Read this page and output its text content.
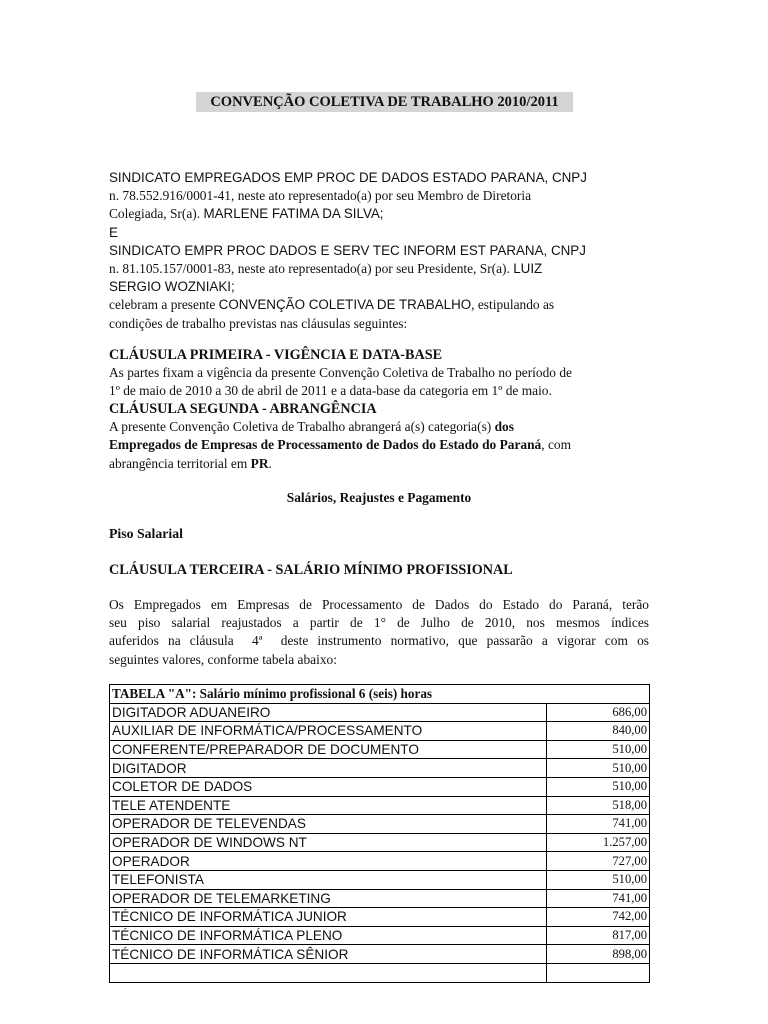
CONVENÇÃO COLETIVA DE TRABALHO 2010/2011
SINDICATO EMPREGADOS EMP PROC DE DADOS ESTADO PARANA, CNPJ
n. 78.552.916/0001-41, neste ato representado(a) por seu Membro de Diretoria
Colegiada, Sr(a). MARLENE FATIMA DA SILVA;
E
SINDICATO EMPR PROC DADOS E SERV TEC INFORM EST PARANA, CNPJ
n. 81.105.157/0001-83, neste ato representado(a) por seu Presidente, Sr(a). LUIZ
SERGIO WOZNIAKI;
celebram a presente CONVENÇÃO COLETIVA DE TRABALHO, estipulando as
condições de trabalho previstas nas cláusulas seguintes:
CLÁUSULA PRIMEIRA - VIGÊNCIA E DATA-BASE
As partes fixam a vigência da presente Convenção Coletiva de Trabalho no período de
1º de maio de 2010 a 30 de abril de 2011 e a data-base da categoria em 1º de maio.
CLÁUSULA SEGUNDA - ABRANGÊNCIA
A presente Convenção Coletiva de Trabalho abrangerá a(s) categoria(s) dos
Empregados de Empresas de Processamento de Dados do Estado do Paraná, com
abrangência territorial em PR.
Salários, Reajustes e Pagamento
Piso Salarial
CLÁUSULA TERCEIRA - SALÁRIO MÍNIMO PROFISSIONAL
Os Empregados em Empresas de Processamento de Dados do Estado do Paraná, terão
seu piso salarial reajustados a partir de 1° de Julho de 2010, nos mesmos índices
auferidos na cláusula  4ª  deste instrumento normativo, que passarão a vigorar com os
seguintes valores, conforme tabela abaixo:
TABELA "A": Salário mínimo profissional 6 (seis) horas	
DIGITADOR ADUANEIRO	686,00
AUXILIAR DE INFORMÁTICA/PROCESSAMENTO	840,00
CONFERENTE/PREPARADOR DE DOCUMENTO	510,00
DIGITADOR	510,00
COLETOR DE DADOS	510,00
TELE ATENDENTE	518,00
OPERADOR DE TELEVENDAS	741,00
OPERADOR DE WINDOWS NT	1.257,00
OPERADOR	727,00
TELEFONISTA	510,00
OPERADOR DE TELEMARKETING	741,00
TÉCNICO DE INFORMÁTICA JUNIOR	742,00
TÉCNICO DE INFORMÁTICA PLENO	817,00
TÉCNICO DE INFORMÁTICA SÊNIOR	898,00
